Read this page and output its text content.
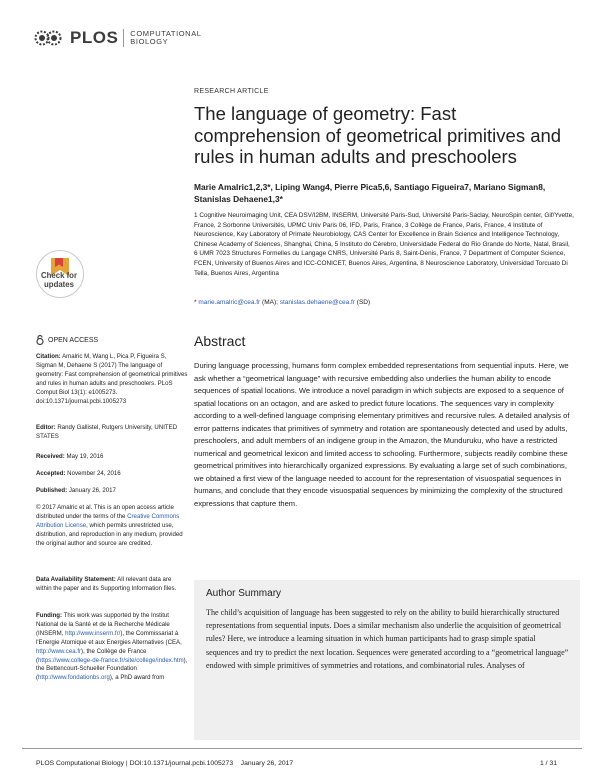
PLOS COMPUTATIONAL
BIOLOGY
RESEARCH ARTICLE
The language of geometry: Fast comprehension of geometrical primitives and rules in human adults and preschoolers
Marie Amalric1,2,3*, Liping Wang4, Pierre Pica5,6, Santiago Figueira7, Mariano Sigman8, Stanislas Dehaene1,3*
1 Cognitive Neuroimaging Unit, CEA DSV/I2BM, INSERM, Université Paris-Sud, Université Paris-Saclay, NeuroSpin center, Gif/Yvette, France, 2 Sorbonne Universités, UPMC Univ Paris 06, IFD, Paris, France, 3 Collège de France, Paris, France, 4 Institute of Neuroscience, Key Laboratory of Primate Neurobiology, CAS Center for Excellence in Brain Science and Intelligence Technology, Chinese Academy of Sciences, Shanghai, China, 5 Instituto do Cérebro, Universidade Federal do Rio Grande do Norte, Natal, Brasil, 6 UMR 7023 Structures Formelles du Langage CNRS, Université Paris 8, Saint-Denis, France, 7 Department of Computer Science, FCEN, University of Buenos Aires and ICC-CONICET, Buenos Aires, Argentina, 8 Neuroscience Laboratory, Universidad Torcuato Di Tella, Buenos Aires, Argentina
* marie.amalric@cea.fr (MA); stanislas.dehaene@cea.fr (SD)
Check for updates
OPEN ACCESS
Citation: Amalric M, Wang L, Pica P, Figueira S, Sigman M, Dehaene S (2017) The language of geometry: Fast comprehension of geometrical primitives and rules in human adults and preschoolers. PLoS Comput Biol 13(1): e1005273. doi:10.1371/journal.pcbi.1005273
Editor: Randy Gallistel, Rutgers University, UNITED STATES
Received: May 19, 2016
Accepted: November 24, 2016
Published: January 26, 2017
© 2017 Amalric et al. This is an open access article distributed under the terms of the Creative Commons Attribution License, which permits unrestricted use, distribution, and reproduction in any medium, provided the original author and source are credited.
Data Availability Statement: All relevant data are within the paper and its Supporting Information files.
Funding: This work was supported by the Institut National de la Santé et de la Recherche Médicale (INSERM, http://www.inserm.fr/), the Commissariat à l'Energie Atomique et aux Energies Alternatives (CEA, http://www.cea.fr), the Collège de France (https://www.college-de-france.fr/site/college/index.htm), the Bettencourt-Schueller Foundation (http://www.fondationbs.org), a PhD award from
Abstract
During language processing, humans form complex embedded representations from sequential inputs. Here, we ask whether a “geometrical language” with recursive embedding also underlies the human ability to encode sequences of spatial locations. We introduce a novel paradigm in which subjects are exposed to a sequence of spatial locations on an octagon, and are asked to predict future locations. The sequences vary in complexity according to a well-defined language comprising elementary primitives and recursive rules. A detailed analysis of error patterns indicates that primitives of symmetry and rotation are spontaneously detected and used by adults, preschoolers, and adult members of an indigene group in the Amazon, the Munduruku, who have a restricted numerical and geometrical lexicon and limited access to schooling. Furthermore, subjects readily combine these geometrical primitives into hierarchically organized expressions. By evaluating a large set of such combinations, we obtained a first view of the language needed to account for the representation of visuospatial sequences in humans, and conclude that they encode visuospatial sequences by minimizing the complexity of the structured expressions that capture them.
Author Summary
The child’s acquisition of language has been suggested to rely on the ability to build hierarchically structured representations from sequential inputs. Does a similar mechanism also underlie the acquisition of geometrical rules? Here, we introduce a learning situation in which human participants had to grasp simple spatial sequences and try to predict the next location. Sequences were generated according to a “geometrical language” endowed with simple primitives of symmetries and rotations, and combinatorial rules. Analyses of
PLOS Computational Biology | DOI:10.1371/journal.pcbi.1005273    January 26, 2017	1 / 31
